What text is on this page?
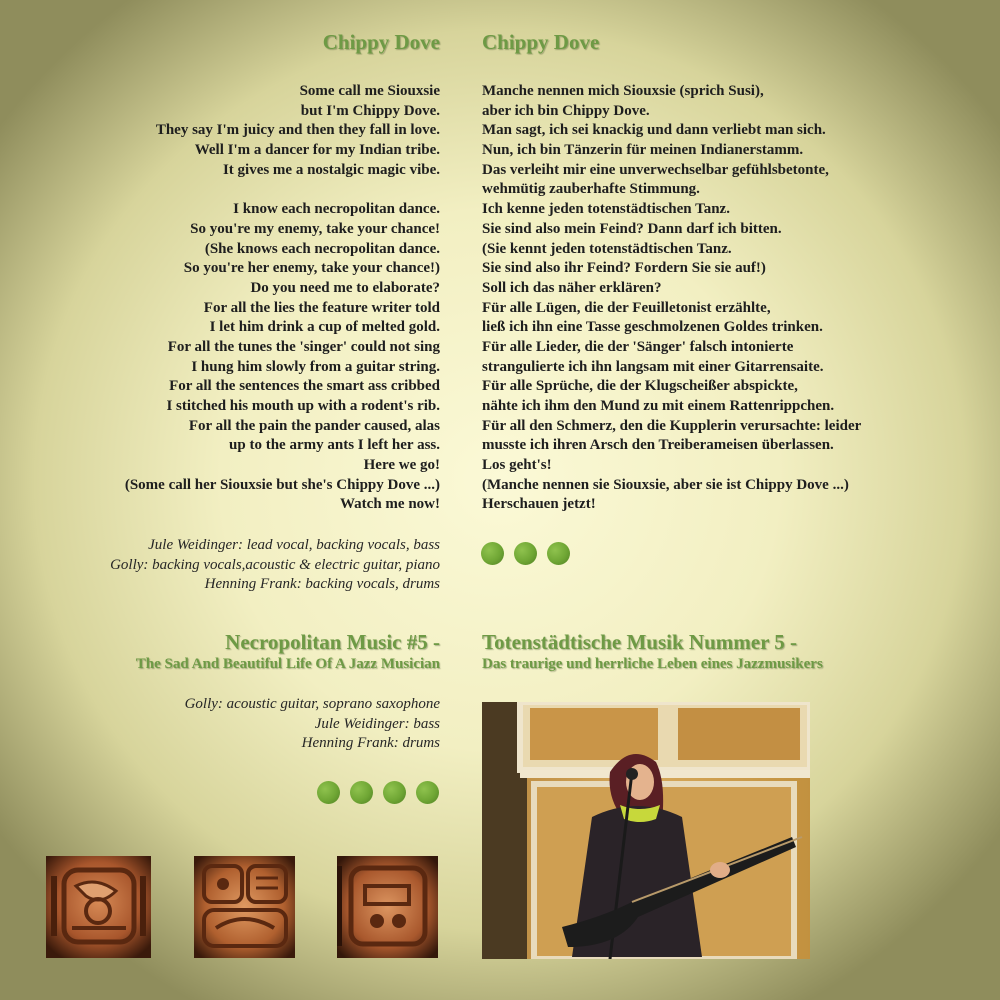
Chippy Dove Chippy Dove
Some call me Siouxsie
but I'm Chippy Dove.
They say I'm juicy and then they fall in love.
Well I'm a dancer for my Indian tribe.
It gives me a nostalgic magic vibe.
I know each necropolitan dance.
So you're my enemy, take your chance!
(She knows each necropolitan dance.
So you're her enemy, take your chance!)
Do you need me to elaborate?
For all the lies the feature writer told
I let him drink a cup of melted gold.
For all the tunes the 'singer' could not sing
I hung him slowly from a guitar string.
For all the sentences the smart ass cribbed
I stitched his mouth up with a rodent's rib.
For all the pain the pander caused, alas
up to the army ants I left her ass.
Here we go!
(Some call her Siouxsie but she's Chippy Dove ...)
Watch me now!
Manche nennen mich Siouxsie (sprich Susi),
aber ich bin Chippy Dove.
Man sagt, ich sei knackig und dann verliebt man sich.
Nun, ich bin Tänzerin für meinen Indianerstamm.
Das verleiht mir eine unverwechselbar gefühlsbetonte,
wehmütig zauberhafte Stimmung.
Ich kenne jeden totenstädtischen Tanz.
Sie sind also mein Feind? Dann darf ich bitten.
(Sie kennt jeden totenstädtischen Tanz.
Sie sind also ihr Feind? Fordern Sie sie auf!)
Soll ich das näher erklären?
Für alle Lügen, die der Feuilletonist erzählte,
ließ ich ihn eine Tasse geschmolzenen Goldes trinken.
Für alle Lieder, die der 'Sänger' falsch intonierte
strangulierte ich ihn langsam mit einer Gitarrensaite.
Für alle Sprüche, die der Klugscheißer abspickte,
nähte ich ihm den Mund zu mit einem Rattenrippchen.
Für all den Schmerz, den die Kupplerin verursachte: leider
musste ich ihren Arsch den Treiberameisen überlassen.
Los geht's!
(Manche nennen sie Siouxsie, aber sie ist Chippy Dove ...)
Herschauen jetzt!
Jule Weidinger: lead vocal, backing vocals, bass
Golly: backing vocals,acoustic & electric guitar, piano
Henning Frank: backing vocals, drums
Necropolitan Music #5 -
The Sad And Beautiful Life Of A Jazz Musician
Totenstädtische Musik Nummer 5 -
Das traurige und herrliche Leben eines Jazzmusikers
Golly: acoustic guitar, soprano saxophone
Jule Weidinger: bass
Henning Frank: drums
